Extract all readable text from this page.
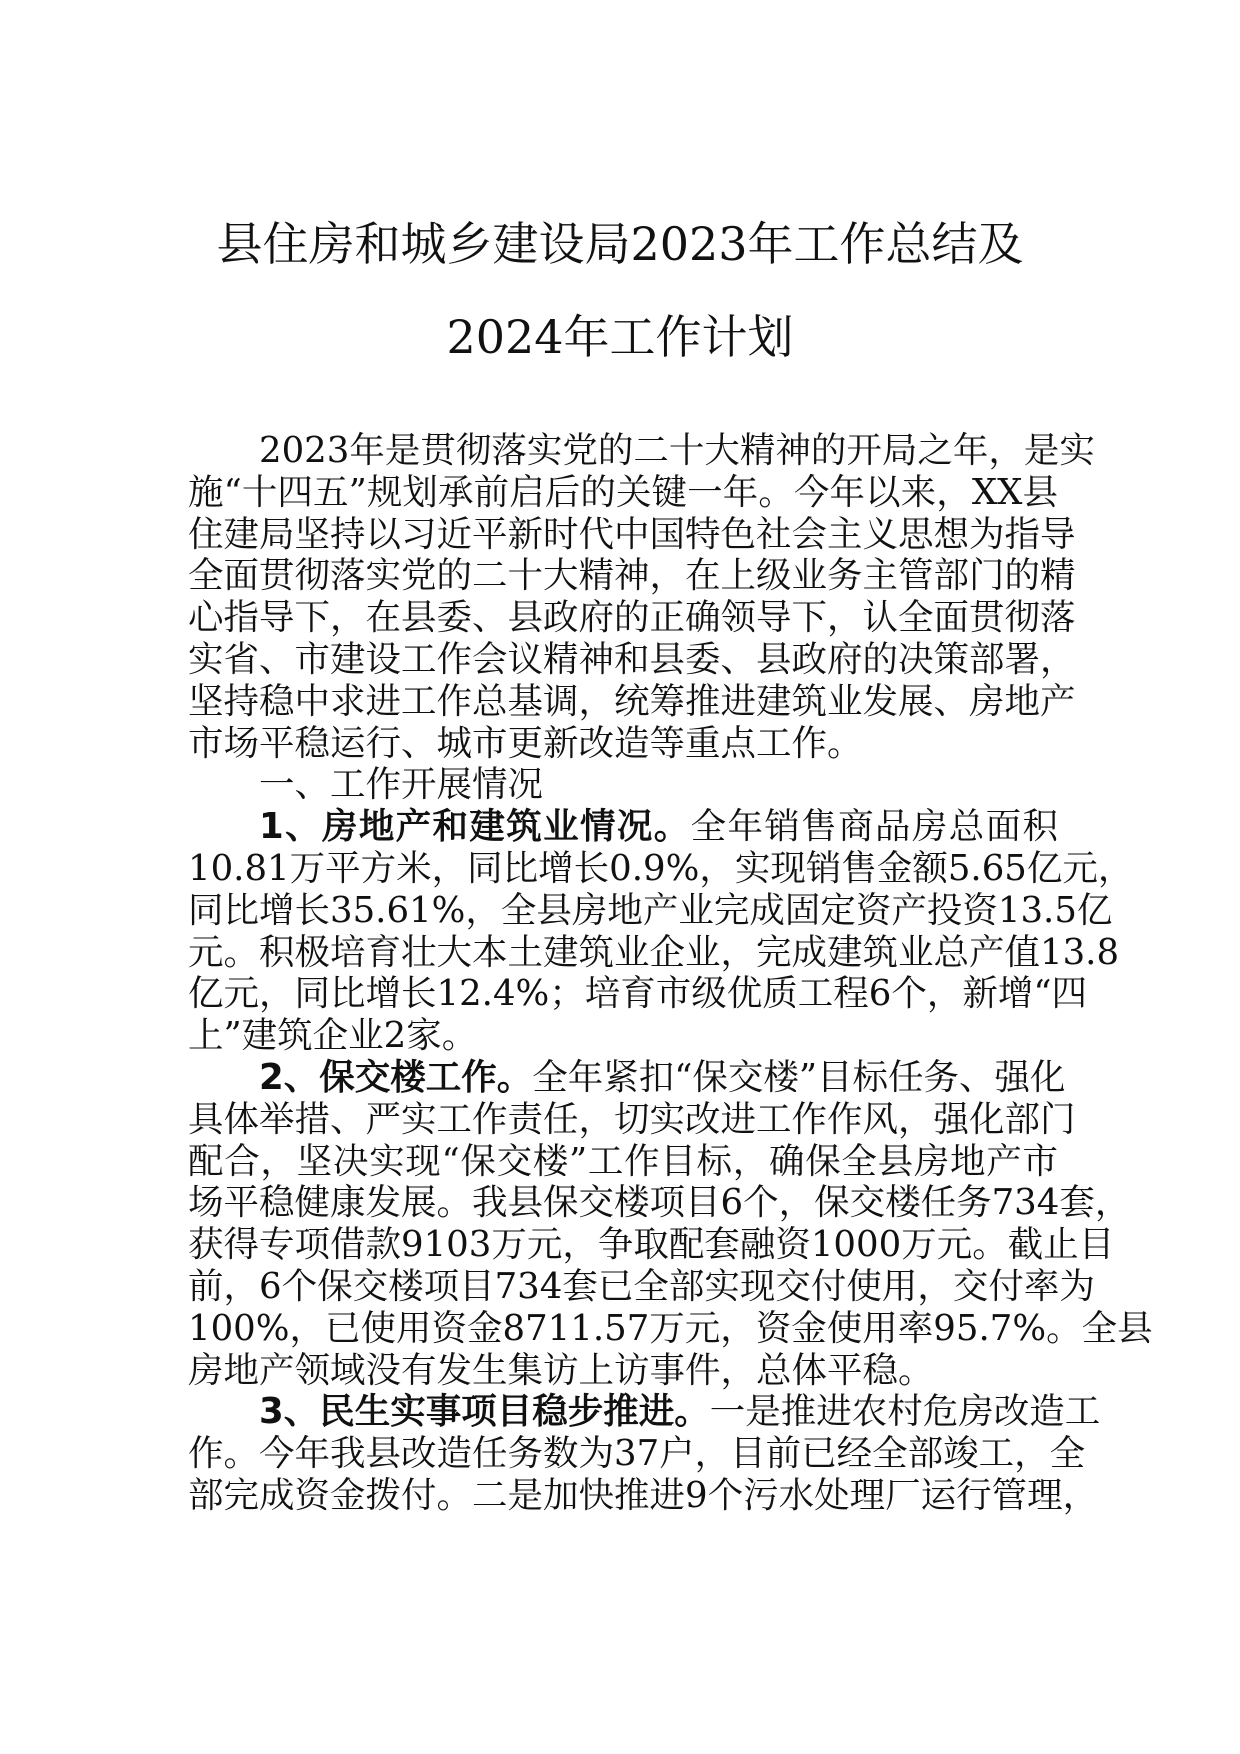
县住房和城乡建设局2023年工作总结及
2024年工作计划
2023年是贯彻落实党的二十大精神的开局之年，是实
施“十四五”规划承前启后的关键一年。今年以来，XX县
住建局坚持以习近平新时代中国特色社会主义思想为指导
全面贯彻落实党的二十大精神，在上级业务主管部门的精
心指导下，在县委、县政府的正确领导下，认全面贯彻落
实省、市建设工作会议精神和县委、县政府的决策部署，
坚持稳中求进工作总基调，统筹推进建筑业发展、房地产
市场平稳运行、城市更新改造等重点工作。
一、工作开展情况
1、房地产和建筑业情况。全年销售商品房总面积
10.81万平方米，同比增长0.9%，实现销售金额5.65亿元，
同比增长35.61%，全县房地产业完成固定资产投资13.5亿
元。积极培育壮大本土建筑业企业，完成建筑业总产值13.8
亿元，同比增长12.4%；培育市级优质工程6个，新增“四
上”建筑企业2家。
2、保交楼工作。全年紧扣“保交楼”目标任务、强化
具体举措、严实工作责任，切实改进工作作风，强化部门
配合，坚决实现“保交楼”工作目标，确保全县房地产市
场平稳健康发展。我县保交楼项目6个，保交楼任务734套，
获得专项借款9103万元，争取配套融资1000万元。截止目
前，6个保交楼项目734套已全部实现交付使用，交付率为
100%，已使用资金8711.57万元，资金使用率95.7%。全县
房地产领域没有发生集访上访事件，总体平稳。
3、民生实事项目稳步推进。一是推进农村危房改造工
作。今年我县改造任务数为37户，目前已经全部竣工，全
部完成资金拨付。二是加快推进9个污水处理厂运行管理，
